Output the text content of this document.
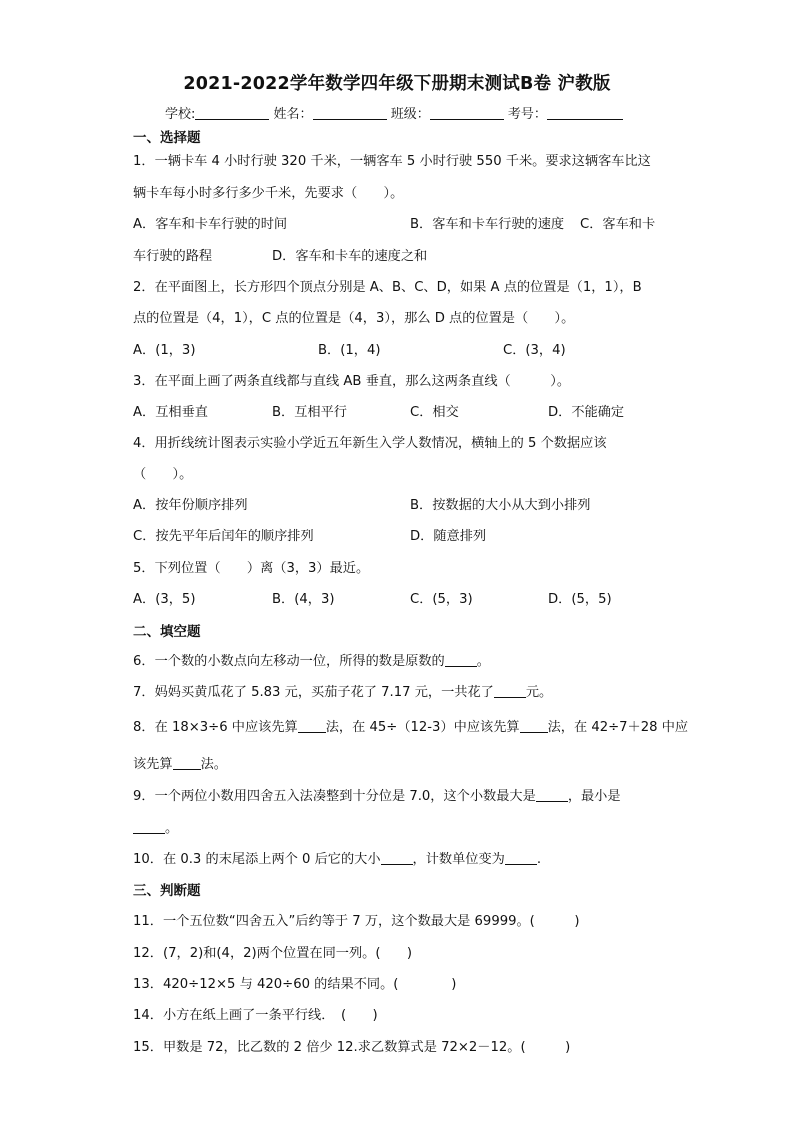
2021-2022学年数学四年级下册期末测试B卷 沪教版
学校:	姓名：	班级：	考号：
一、选择题
1．一辆卡车 4 小时行驶 320 千米，一辆客车 5 小时行驶 550 千米。要求这辆客车比这
辆卡车每小时多行多少千米，先要求（　　）。
A．客车和卡车行驶的时间	B．客车和卡车行驶的速度 C．客车和卡
车行驶的路程	D．客车和卡车的速度之和
2．在平面图上，长方形四个顶点分别是 A、B、C、D，如果 A 点的位置是（1，1），B
点的位置是（4，1），C 点的位置是（4，3），那么 D 点的位置是（　　）。
A．(1，3)	B．(1，4)	C．(3，4)
3．在平面上画了两条直线都与直线 AB 垂直，那么这两条直线（　　　）。
A．互相垂直	B．互相平行	C．相交	D．不能确定
4．用折线统计图表示实验小学近五年新生入学人数情况，横轴上的 5 个数据应该
（　　）。
A．按年份顺序排列	B．按数据的大小从大到小排列
C．按先平年后闰年的顺序排列	D．随意排列
5．下列位置（　　）离（3，3）最近。
A．(3，5)	B．(4，3)	C．(5，3)	D．(5，5)
二、填空题
6．一个数的小数点向左移动一位，所得的数是原数的 。
7．妈妈买黄瓜花了 5.83 元，买茄子花了 7.17 元，一共花了 元。
8．在 18×3÷6 中应该先算 法，在 45÷（12-3）中应该先算 法，在 42÷7＋28 中应
该先算 法。
9．一个两位小数用四舍五入法凑整到十分位是 7.0，这个小数最大是 ，最小是
。
10．在 0.3 的末尾添上两个 0 后它的大小 ，计数单位变为 .
三、判断题
11．一个五位数“四舍五入”后约等于 7 万，这个数最大是 69999。(　　　)
12．(7，2)和(4，2)两个位置在同一列。(　　)
13．420÷12×5 与 420÷60 的结果不同。(　　　　)
14．小方在纸上画了一条平行线．　(　　)
15．甲数是 72，比乙数的 2 倍少 12.求乙数算式是 72×2－12。(　　　)
